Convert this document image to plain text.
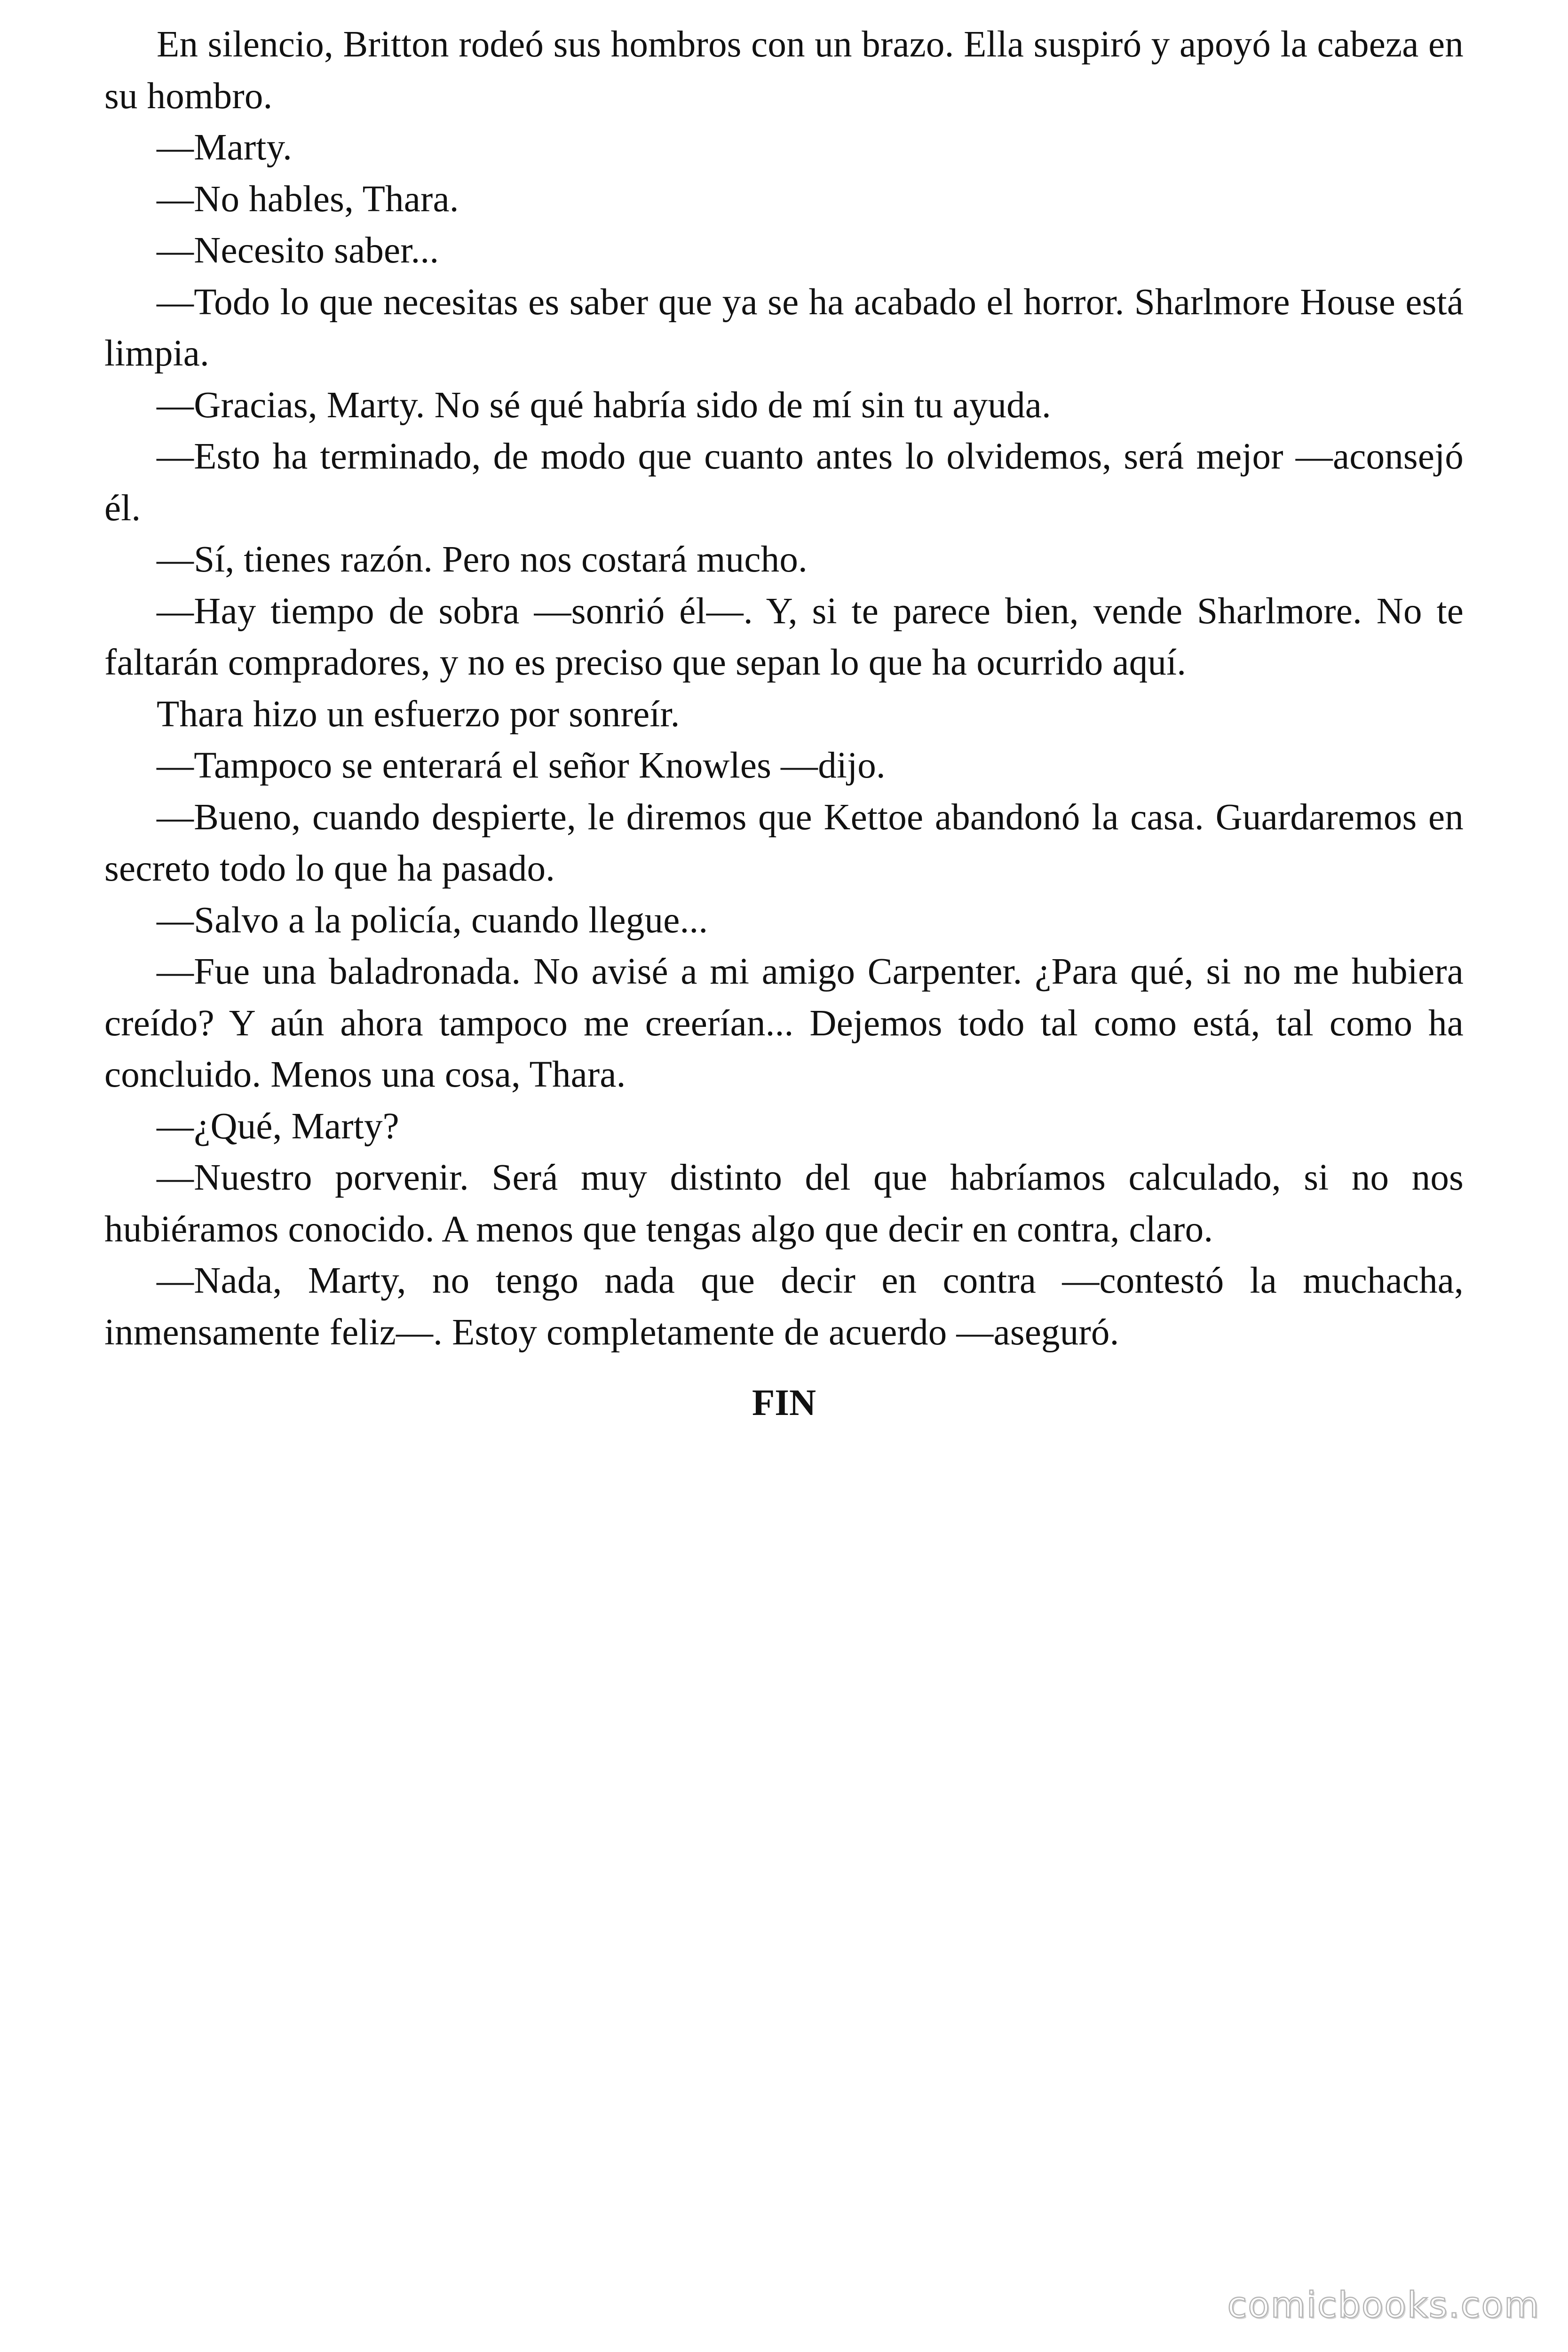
En silencio, Britton rodeó sus hombros con un brazo. Ella suspiró y apoyó la cabeza en su hombro.

—Marty.

—No hables, Thara.

—Necesito saber...

—Todo lo que necesitas es saber que ya se ha acabado el horror. Sharlmore House está limpia.

—Gracias, Marty. No sé qué habría sido de mí sin tu ayuda.

—Esto ha terminado, de modo que cuanto antes lo olvidemos, será mejor —aconsejó él.

—Sí, tienes razón. Pero nos costará mucho.

—Hay tiempo de sobra —sonrió él—. Y, si te parece bien, vende Sharlmore. No te faltarán compradores, y no es preciso que sepan lo que ha ocurrido aquí.

Thara hizo un esfuerzo por sonreír.

—Tampoco se enterará el señor Knowles —dijo.

—Bueno, cuando despierte, le diremos que Kettoe abandonó la casa. Guardaremos en secreto todo lo que ha pasado.

—Salvo a la policía, cuando llegue...

—Fue una baladronada. No avisé a mi amigo Carpenter. ¿Para qué, si no me hubiera creído? Y aún ahora tampoco me creerían... Dejemos todo tal como está, tal como ha concluido. Menos una cosa, Thara.

—¿Qué, Marty?

—Nuestro porvenir. Será muy distinto del que habríamos calculado, si no nos hubiéramos conocido. A menos que tengas algo que decir en contra, claro.

—Nada, Marty, no tengo nada que decir en contra —contestó la muchacha, inmensamente feliz—. Estoy completamente de acuerdo —aseguró.

FIN

comicbooks.com
